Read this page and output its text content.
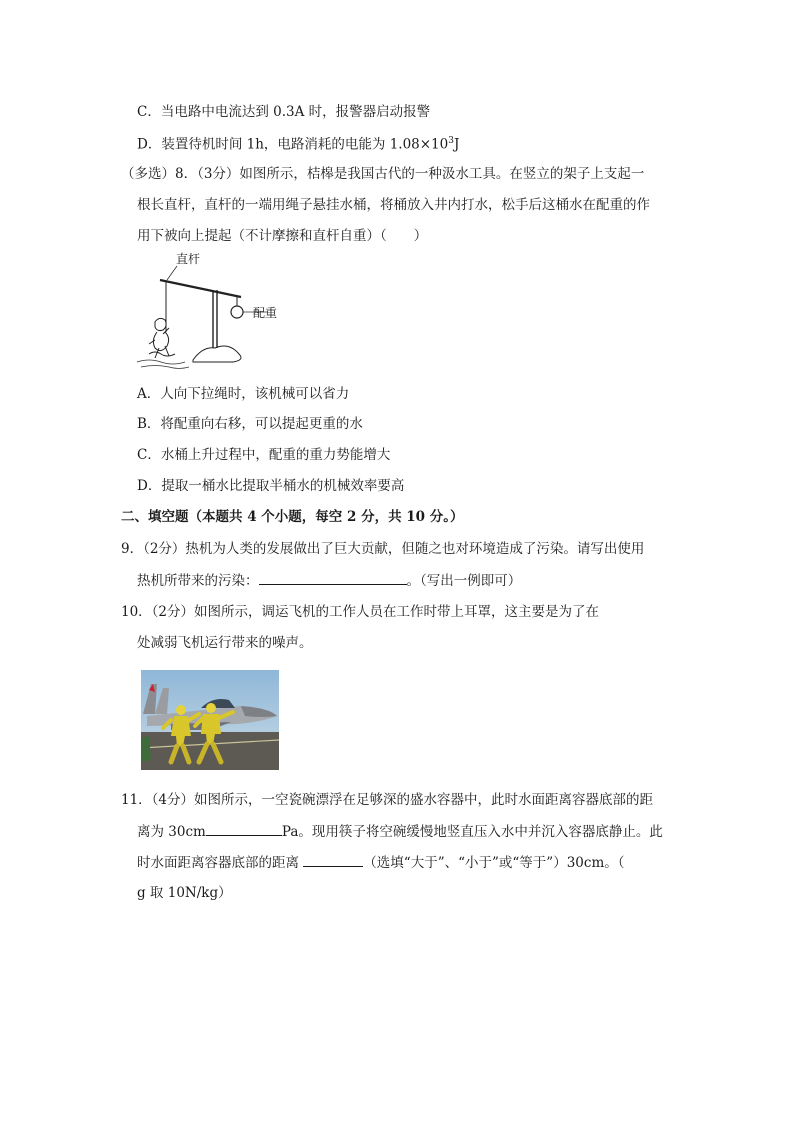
C．当电路中电流达到 0.3A 时，报警器启动报警
D．装置待机时间 1h，电路消耗的电能为 $1.08\times 10^3J$
（多选）8．（3分）如图所示，桔槔是我国古代的一种汲水工具。在竖立的架子上支起一
根长直杆，直杆的一端用绳子悬挂水桶，将桶放入井内打水，松手后这桶水在配重的作
用下被向上提起（不计摩擦和直杆自重）（　　）
直杆
配重
A．人向下拉绳时，该机械可以省力
B．将配重向右移，可以提起更重的水
C．水桶上升过程中，配重的重力势能增大
D．提取一桶水比提取半桶水的机械效率要高
二、填空题（本题共 4 个小题，每空 2 分，共 10 分。）
9．（2分）热机为人类的发展做出了巨大贡献，但随之也对环境造成了污染。请写出使用
热机所带来的污染：	。（写出一例即可）
10．（2分）如图所示，调运飞机的工作人员在工作时带上耳罩，这主要是为了在
处减弱飞机运行带来的噪声。
11．（4分）如图所示，一空瓷碗漂浮在足够深的盛水容器中，此时水面距离容器底部的距
离为 30cm	Pa。现用筷子将空碗缓慢地竖直压入水中并沉入容器底静止。此
时水面距离容器底部的距离	（选填“大于”、“小于”或“等于”）30cm。（
g 取 10N/kg）
